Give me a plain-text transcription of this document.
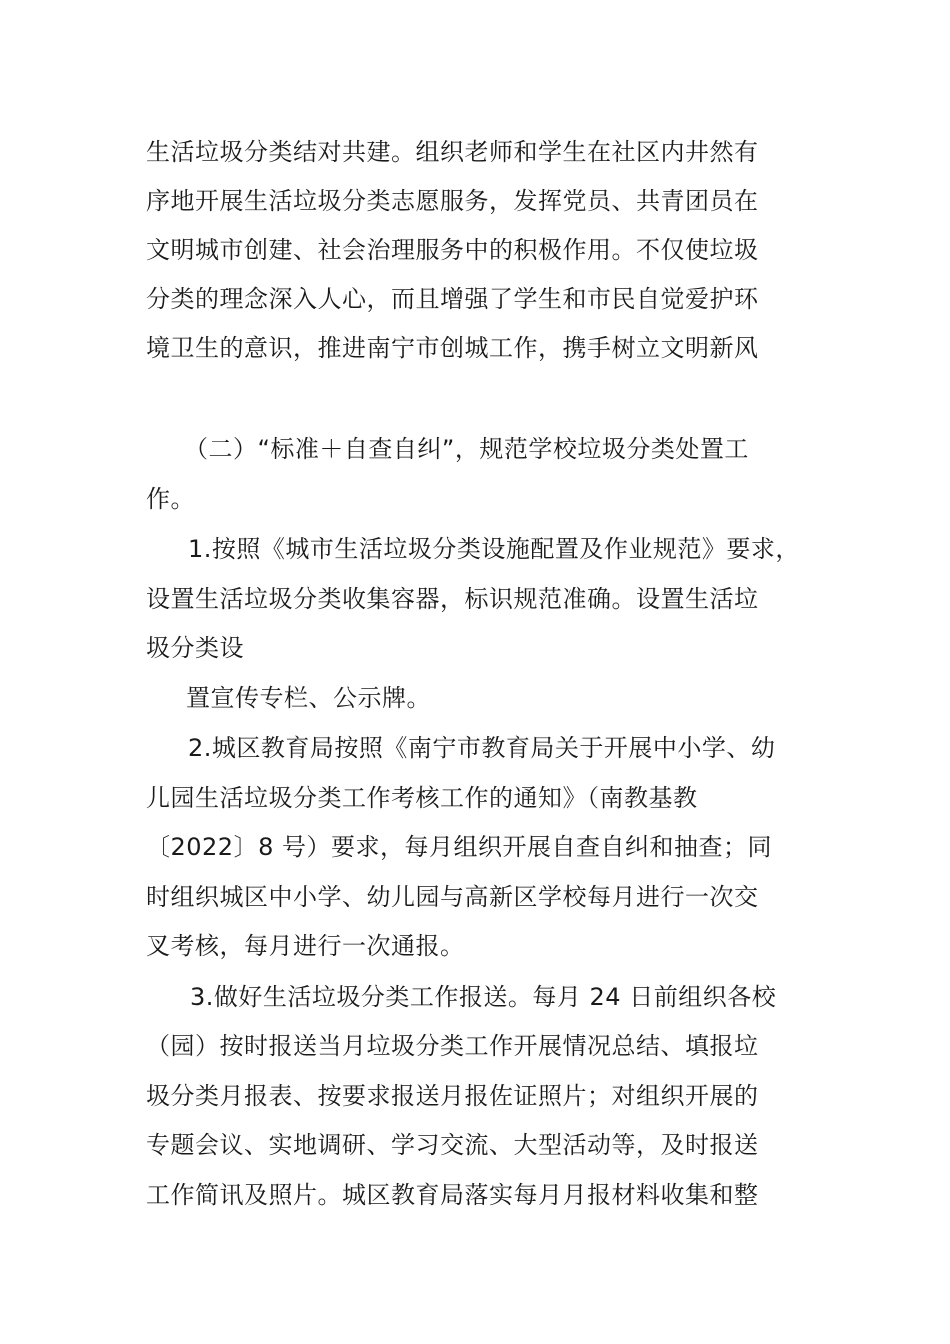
生活垃圾分类结对共建。组织老师和学生在社区内井然有
序地开展生活垃圾分类志愿服务，发挥党员、共青团员在
文明城市创建、社会治理服务中的积极作用。不仅使垃圾
分类的理念深入人心，而且增强了学生和市民自觉爱护环
境卫生的意识，推进南宁市创城工作，携手树立文明新风
（二）“标准＋自查自纠”，规范学校垃圾分类处置工
作。
1.按照《城市生活垃圾分类设施配置及作业规范》要求，
设置生活垃圾分类收集容器，标识规范准确。设置生活垃
圾分类设
置宣传专栏、公示牌。
2.城区教育局按照《南宁市教育局关于开展中小学、幼
儿园生活垃圾分类工作考核工作的通知》（南教基教
〔2022〕8 号）要求，每月组织开展自查自纠和抽查；同
时组织城区中小学、幼儿园与高新区学校每月进行一次交
叉考核，每月进行一次通报。
3.做好生活垃圾分类工作报送。每月 24 日前组织各校
（园）按时报送当月垃圾分类工作开展情况总结、填报垃
圾分类月报表、按要求报送月报佐证照片；对组织开展的
专题会议、实地调研、学习交流、大型活动等，及时报送
工作简讯及照片。城区教育局落实每月月报材料收集和整
